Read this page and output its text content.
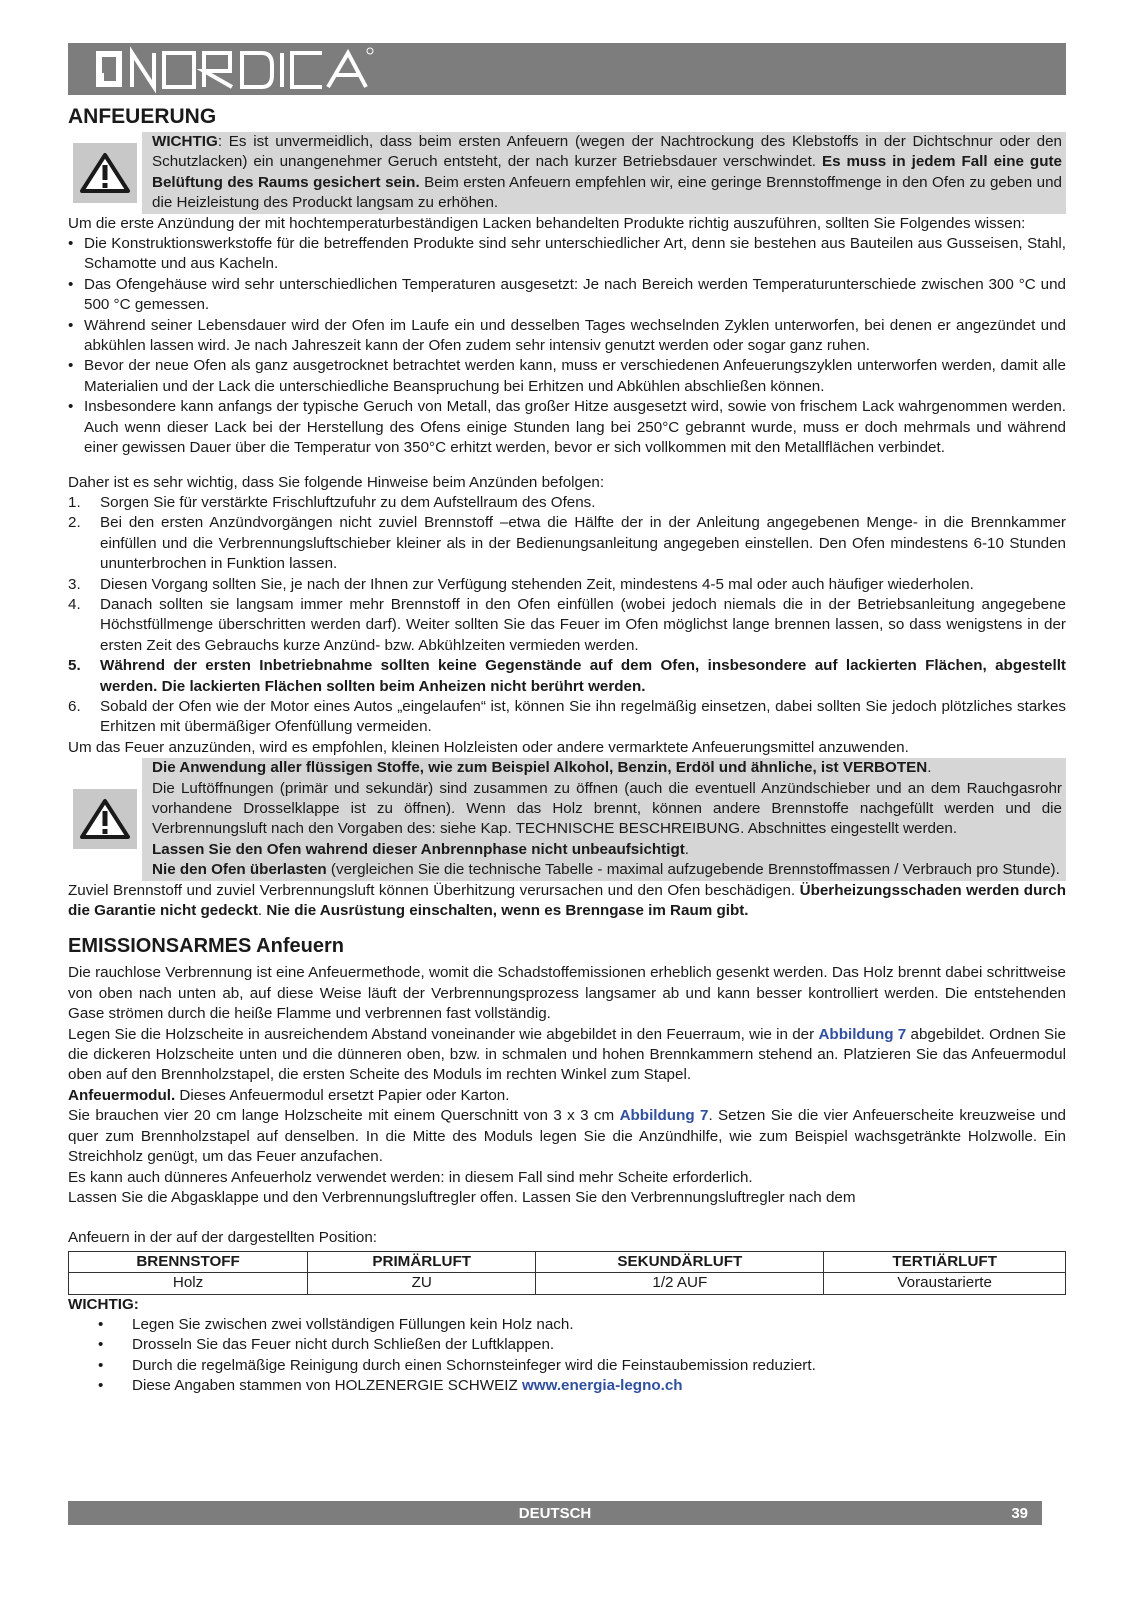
ANFEUERUNG
WICHTIG: Es ist unvermeidlich, dass beim ersten Anfeuern (wegen der Nachtrockung des Klebstoffs in der Dichtschnur oder den Schutzlacken) ein unangenehmer Geruch entsteht, der nach kurzer Betriebsdauer verschwindet. Es muss in jedem Fall eine gute Belüftung des Raums gesichert sein. Beim ersten Anfeuern empfehlen wir, eine geringe Brennstoffmenge in den Ofen zu geben und die Heizleistung des Produckt langsam zu erhöhen.

Um die erste Anzündung der mit hochtemperaturbeständigen Lacken behandelten Produkte richtig auszuführen, sollten Sie Folgendes wissen:

• Die Konstruktionswerkstoffe für die betreffenden Produkte sind sehr unterschiedlicher Art, denn sie bestehen aus Bauteilen aus Gusseisen, Stahl, Schamotte und aus Kacheln.
• Das Ofengehäuse wird sehr unterschiedlichen Temperaturen ausgesetzt: Je nach Bereich werden Temperaturunterschiede zwischen 300 °C und 500 °C gemessen.
• Während seiner Lebensdauer wird der Ofen im Laufe ein und desselben Tages wechselnden Zyklen unterworfen, bei denen er angezündet und abkühlen lassen wird. Je nach Jahreszeit kann der Ofen zudem sehr intensiv genutzt werden oder sogar ganz ruhen.
• Bevor der neue Ofen als ganz ausgetrocknet betrachtet werden kann, muss er verschiedenen Anfeuerungszyklen unterworfen werden, damit alle Materialien und der Lack die unterschiedliche Beanspruchung bei Erhitzen und Abkühlen abschließen können.
• Insbesondere kann anfangs der typische Geruch von Metall, das großer Hitze ausgesetzt wird, sowie von frischem Lack wahrgenommen werden. Auch wenn dieser Lack bei der Herstellung des Ofens einige Stunden lang bei 250°C gebrannt wurde, muss er doch mehrmals und während einer gewissen Dauer über die Temperatur von 350°C erhitzt werden, bevor er sich vollkommen mit den Metallflächen verbindet.

Daher ist es sehr wichtig, dass Sie folgende Hinweise beim Anzünden befolgen:

1. Sorgen Sie für verstärkte Frischluftzufuhr zu dem Aufstellraum des Ofens.
2. Bei den ersten Anzündvorgängen nicht zuviel Brennstoff –etwa die Hälfte der in der Anleitung angegebenen Menge- in die Brennkammer einfüllen und die Verbrennungsluftschieber kleiner als in der Bedienungsanleitung angegeben einstellen. Den Ofen mindestens 6-10 Stunden ununterbrochen in Funktion lassen.
3. Diesen Vorgang sollten Sie, je nach der Ihnen zur Verfügung stehenden Zeit, mindestens 4-5 mal oder auch häufiger wiederholen.
4. Danach sollten sie langsam immer mehr Brennstoff in den Ofen einfüllen (wobei jedoch niemals die in der Betriebsanleitung angegebene Höchstfüllmenge überschritten werden darf). Weiter sollten Sie das Feuer im Ofen möglichst lange brennen lassen, so dass wenigstens in der ersten Zeit des Gebrauchs kurze Anzünd- bzw. Abkühlzeiten vermieden werden.
5. Während der ersten Inbetriebnahme sollten keine Gegenstände auf dem Ofen, insbesondere auf lackierten Flächen, abgestellt werden. Die lackierten Flächen sollten beim Anheizen nicht berührt werden.
6. Sobald der Ofen wie der Motor eines Autos „eingelaufen“ ist, können Sie ihn regelmäßig einsetzen, dabei sollten Sie jedoch plötzliches starkes Erhitzen mit übermäßiger Ofenfüllung vermeiden.

Um das Feuer anzuzünden, wird es empfohlen, kleinen Holzleisten oder andere vermarktete Anfeuerungsmittel anzuwenden.

Die Anwendung aller flüssigen Stoffe, wie zum Beispiel Alkohol, Benzin, Erdöl und ähnliche, ist VERBOTEN.
Die Luftöffnungen (primär und sekundär) sind zusammen zu öffnen (auch die eventuell Anzündschieber und an dem Rauchgasrohr vorhandene Drosselklappe ist zu öffnen). Wenn das Holz brennt, können andere Brennstoffe nachgefüllt werden und die Verbrennungsluft nach den Vorgaben des: siehe Kap. TECHNISCHE BESCHREIBUNG. Abschnittes eingestellt werden.
Lassen Sie den Ofen wahrend dieser Anbrennphase nicht unbeaufsichtigt.
Nie den Ofen überlasten (vergleichen Sie die technische Tabelle - maximal aufzugebende Brennstoffmassen / Verbrauch pro Stunde).

Zuviel Brennstoff und zuviel Verbrennungsluft können Überhitzung verursachen und den Ofen beschädigen. Überheizungsschaden werden durch die Garantie nicht gedeckt. Nie die Ausrüstung einschalten, wenn es Brenngase im Raum gibt.

EMISSIONSARMES Anfeuern

Die rauchlose Verbrennung ist eine Anfeuermethode, womit die Schadstoffemissionen erheblich gesenkt werden. Das Holz brennt dabei schrittweise von oben nach unten ab, auf diese Weise läuft der Verbrennungsprozess langsamer ab und kann besser kontrolliert werden. Die entstehenden Gase strömen durch die heiße Flamme und verbrennen fast vollständig.

Legen Sie die Holzscheite in ausreichendem Abstand voneinander wie abgebildet in den Feuerraum, wie in der Abbildung 7 abgebildet. Ordnen Sie die dickeren Holzscheite unten und die dünneren oben, bzw. in schmalen und hohen Brennkammern stehend an. Platzieren Sie das Anfeuermodul oben auf den Brennholzstapel, die ersten Scheite des Moduls im rechten Winkel zum Stapel.

Anfeuermodul. Dieses Anfeuermodul ersetzt Papier oder Karton.

Sie brauchen vier 20 cm lange Holzscheite mit einem Querschnitt von 3 x 3 cm Abbildung 7. Setzen Sie die vier Anfeuerscheite kreuzweise und quer zum Brennholzstapel auf denselben. In die Mitte des Moduls legen Sie die Anzündhilfe, wie zum Beispiel wachsgetränkte Holzwolle. Ein Streichholz genügt, um das Feuer anzufachen.

Es kann auch dünneres Anfeuerholz verwendet werden: in diesem Fall sind mehr Scheite erforderlich.

Lassen Sie die Abgasklappe und den Verbrennungsluftregler offen. Lassen Sie den Verbrennungsluftregler nach dem

Anfeuern in der auf der dargestellten Position:

BRENNSTOFF	PRIMÄRLUFT	SEKUNDÄRLUFT	TERTIÄRLUFT
Holz	ZU	1/2 AUF	Voraustarierte

WICHTIG:

• Legen Sie zwischen zwei vollständigen Füllungen kein Holz nach.
• Drosseln Sie das Feuer nicht durch Schließen der Luftklappen.
• Durch die regelmäßige Reinigung durch einen Schornsteinfeger wird die Feinstaubemission reduziert.
• Diese Angaben stammen von HOLZENERGIE SCHWEIZ www.energia-legno.ch
DEUTSCH	39
